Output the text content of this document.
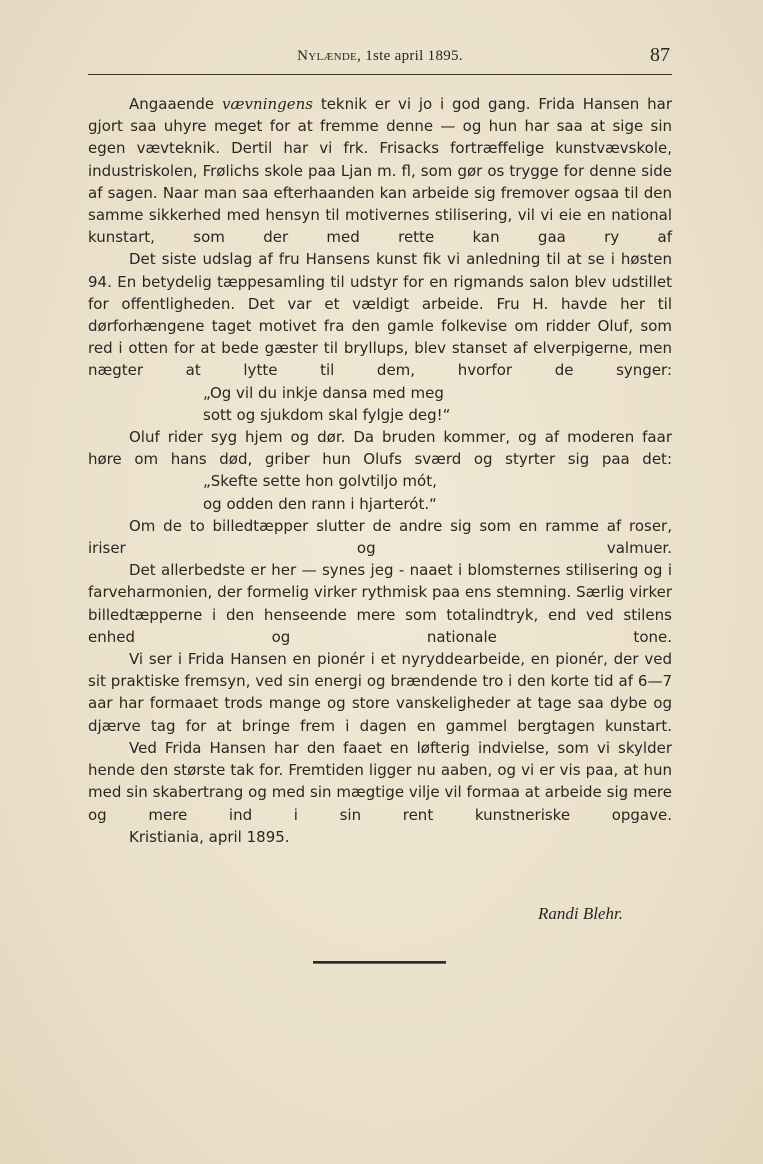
Nylænde, 1ste april 1895.	87

Angaaende vævningens teknik er vi jo i god gang. Frida Hansen har gjort saa uhyre meget for at fremme denne — og hun har saa at sige sin egen vævteknik. Dertil har vi frk. Frisacks fortræffelige kunstvævskole, industriskolen, Frølichs skole paa Ljan m. fl, som gør os trygge for denne side af sagen. Naar man saa efterhaanden kan arbeide sig fremover ogsaa til den samme sikkerhed med hensyn til motivernes stilisering, vil vi eie en national kunstart, som der med rette kan gaa ry af

Det siste udslag af fru Hansens kunst fik vi anledning til at se i høsten 94. En betydelig tæppesamling til udstyr for en rigmands salon blev udstillet for offentligheden. Det var et vældigt arbeide. Fru H. havde her til dørforhængene taget motivet fra den gamle folkevise om ridder Oluf, som red i otten for at bede gæster til bryllups, blev stanset af elverpigerne, men nægter at lytte til dem, hvorfor de synger:

„Og vil du inkje dansa med meg
sott og sjukdom skal fylgje deg!“

Oluf rider syg hjem og dør. Da bruden kommer, og af moderen faar høre om hans død, griber hun Olufs sværd og styrter sig paa det:

„Skefte sette hon golvtiljo mót,
og odden den rann i hjarterót.“

Om de to billedtæpper slutter de andre sig som en ramme af roser, iriser og valmuer.

Det allerbedste er her — synes jeg - naaet i blomsternes stilisering og i farveharmonien, der formelig virker rythmisk paa ens stemning. Særlig virker billedtæpperne i den henseende mere som totalindtryk, end ved stilens enhed og nationale tone.

Vi ser i Frida Hansen en pionér i et nyryddearbeide, en pionér, der ved sit praktiske fremsyn, ved sin energi og brændende tro i den korte tid af 6—7 aar har formaaet trods mange og store vanskeligheder at tage saa dybe og djærve tag for at bringe frem i dagen en gammel bergtagen kunstart.

Ved Frida Hansen har den faaet en løfterig indvielse, som vi skylder hende den største tak for. Fremtiden ligger nu aaben, og vi er vis paa, at hun med sin skabertrang og med sin mægtige vilje vil formaa at arbeide sig mere og mere ind i sin rent kunstneriske opgave.

Kristiania, april 1895.

Randi Blehr.
